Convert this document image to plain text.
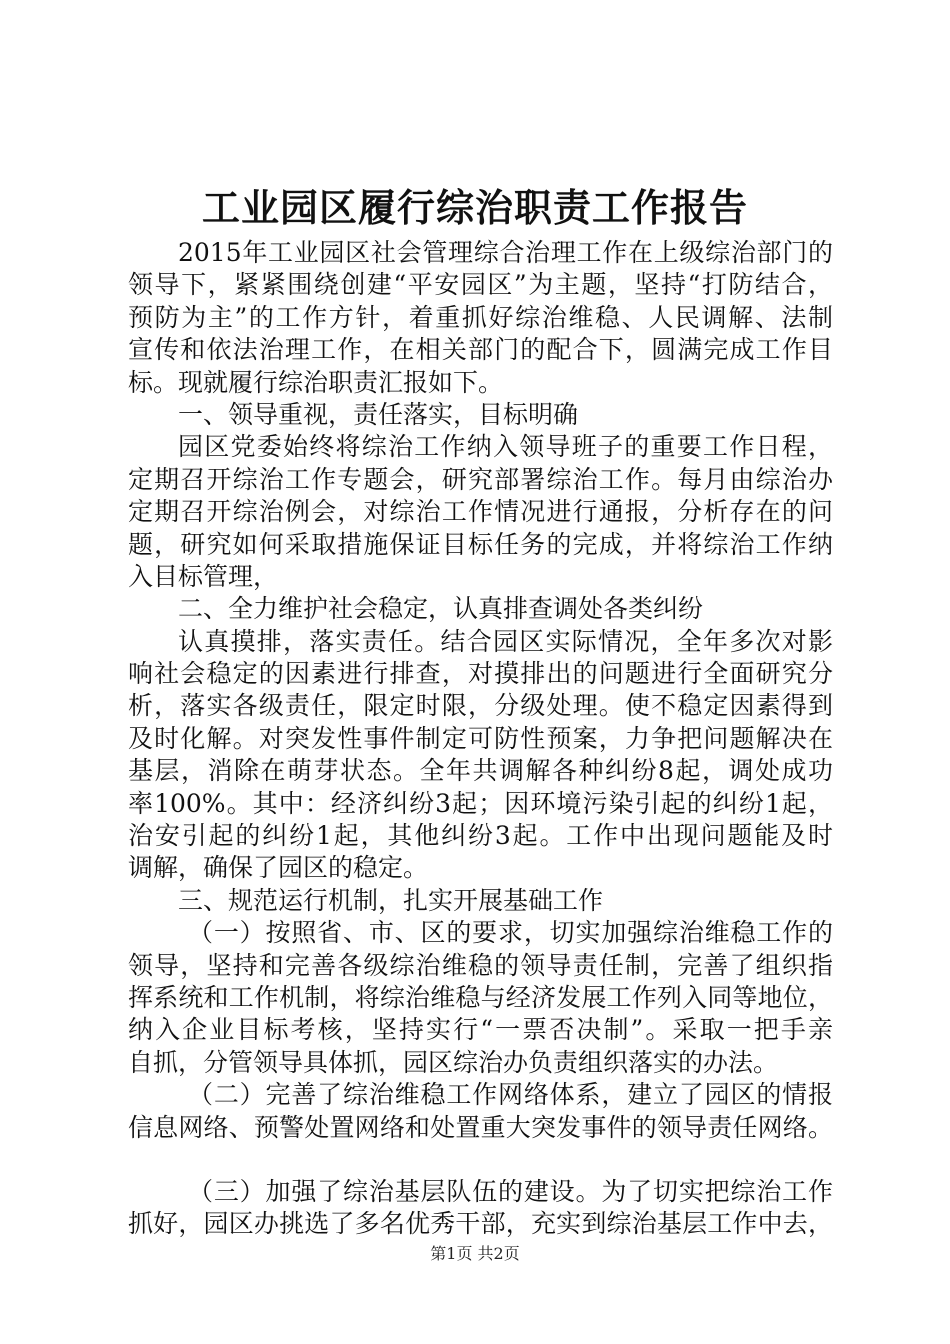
工业园区履行综治职责工作报告
2015年工业园区社会管理综合治理工作在上级综治部门的
领导下，紧紧围绕创建“平安园区”为主题，坚持“打防结合，
预防为主”的工作方针，着重抓好综治维稳、人民调解、法制
宣传和依法治理工作，在相关部门的配合下，圆满完成工作目
标。现就履行综治职责汇报如下。
一、领导重视，责任落实，目标明确
园区党委始终将综治工作纳入领导班子的重要工作日程，
定期召开综治工作专题会，研究部署综治工作。每月由综治办
定期召开综治例会，对综治工作情况进行通报，分析存在的问
题，研究如何采取措施保证目标任务的完成，并将综治工作纳
入目标管理，
二、全力维护社会稳定，认真排查调处各类纠纷
认真摸排，落实责任。结合园区实际情况，全年多次对影
响社会稳定的因素进行排查，对摸排出的问题进行全面研究分
析，落实各级责任，限定时限，分级处理。使不稳定因素得到
及时化解。对突发性事件制定可防性预案，力争把问题解决在
基层，消除在萌芽状态。全年共调解各种纠纷8起，调处成功
率100%。其中：经济纠纷3起；因环境污染引起的纠纷1起，
治安引起的纠纷1起，其他纠纷3起。工作中出现问题能及时
调解，确保了园区的稳定。
三、规范运行机制，扎实开展基础工作
（一）按照省、市、区的要求，切实加强综治维稳工作的
领导，坚持和完善各级综治维稳的领导责任制，完善了组织指
挥系统和工作机制，将综治维稳与经济发展工作列入同等地位，
纳入企业目标考核，坚持实行“一票否决制”。采取一把手亲
自抓，分管领导具体抓，园区综治办负责组织落实的办法。
（二）完善了综治维稳工作网络体系，建立了园区的情报
信息网络、预警处置网络和处置重大突发事件的领导责任网络。
（三）加强了综治基层队伍的建设。为了切实把综治工作
抓好，园区办挑选了多名优秀干部，充实到综治基层工作中去，
第1页 共2页
